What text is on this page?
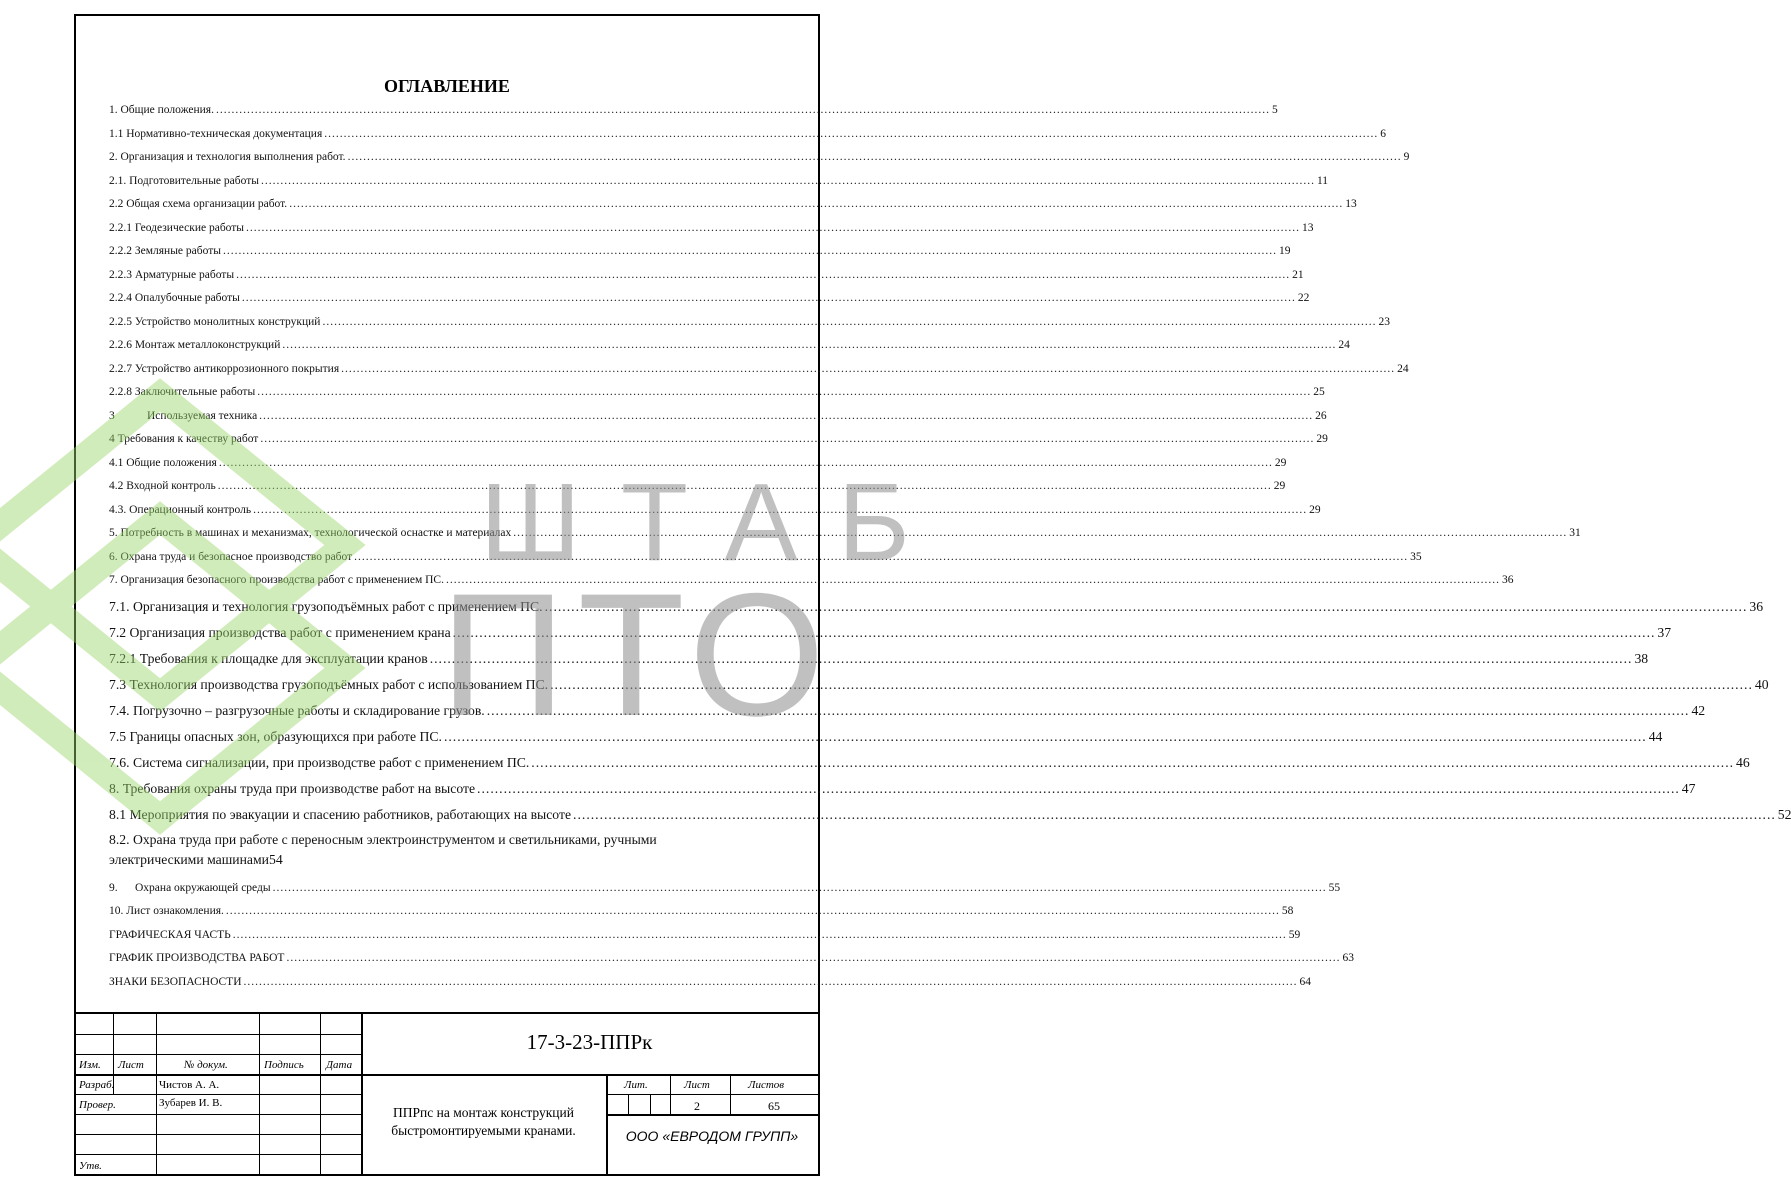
ОГЛАВЛЕНИЕ
1. Общие положения. .....	5
1.1 Нормативно-техническая документация .....	6
2. Организация и технология выполнения работ. .....	9
2.1. Подготовительные работы .....	11
2.2 Общая схема организации работ. .....	13
2.2.1 Геодезические работы .....	13
2.2.2 Земляные работы .....	19
2.2.3 Арматурные работы .....	21
2.2.4 Опалубочные работы .....	22
2.2.5 Устройство монолитных конструкций .....	23
2.2.6 Монтаж металлоконструкций .....	24
2.2.7 Устройство антикоррозионного покрытия .....	24
2.2.8 Заключительные работы .....	25
3	Используемая техника .....	26
4 Требования к качеству работ .....	29
4.1 Общие положения .....	29
4.2 Входной контроль .....	29
4.3. Операционный контроль .....	29
5. Потребность в машинах и механизмах, технологической оснастке и материалах .....	31
6. Охрана труда и безопасное производство работ .....	35
7. Организация безопасного производства работ с применением ПС. .....	36
7.1. Организация и технология грузоподъёмных работ с применением ПС. .....	36
7.2 Организация производства работ с применением крана .....	37
7.2.1 Требования к площадке для эксплуатации кранов .....	38
7.3 Технология производства грузоподъёмных работ с использованием ПС. .....	40
7.4. Погрузочно – разгрузочные работы и складирование грузов. .....	42
7.5 Границы опасных зон, образующихся при работе ПС. .....	44
7.6. Система сигнализации, при производстве работ с применением ПС. .....	46
8. Требования охраны труда при производстве работ на высоте .....	47
8.1 Мероприятия по эвакуации и спасению работников, работающих на высоте .....	52
8.2. Охрана труда при работе с переносным электроинструментом и светильниками, ручными
электрическими машинами 54
9.	Охрана окружающей среды .....	55
10. Лист ознакомления. .....	58
ГРАФИЧЕСКАЯ ЧАСТЬ .....	59
ГРАФИК ПРОИЗВОДСТВА РАБОТ .....	63
ЗНАКИ БЕЗОПАСНОСТИ .....	64
Изм. Лист	№ докум.	Подпись Дата
Разраб.	Чистов А. А.
Провер.	Зубарев И. В.
Утв.
17-3-23-ППРк
ППРпс на монтаж конструкций
быстромонтируемыми кранами.
Лит.	Лист	Листов
2	65
ООО «ЕВРОДОМ ГРУПП»
ШТАБ
ПТО
